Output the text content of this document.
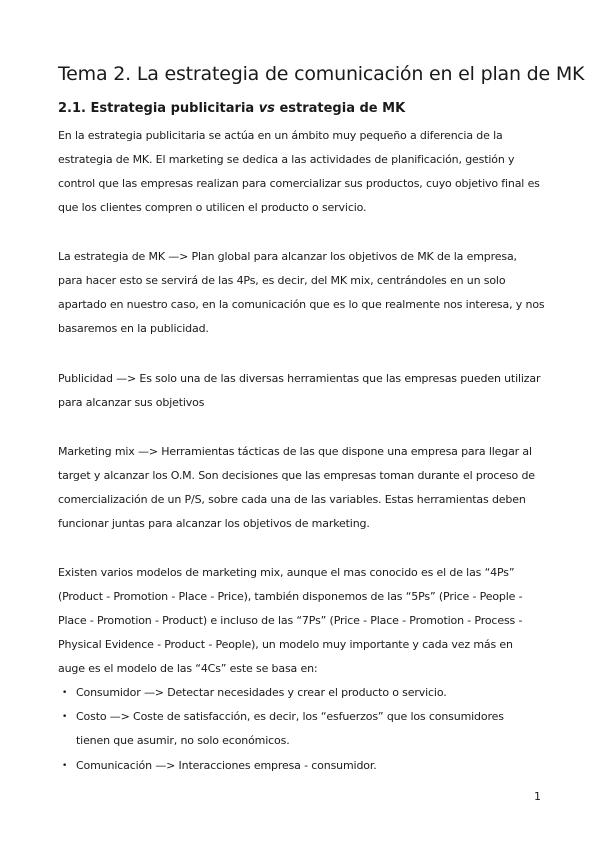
Tema 2. La estrategia de comunicación en el plan de MK
2.1. Estrategia publicitaria vs estrategia de MK
En la estrategia publicitaria se actúa en un ámbito muy pequeño a diferencia de la
estrategia de MK. El marketing se dedica a las actividades de planificación, gestión y
control que las empresas realizan para comercializar sus productos, cuyo objetivo final es
que los clientes compren o utilicen el producto o servicio.
La estrategia de MK —> Plan global para alcanzar los objetivos de MK de la empresa,
para hacer esto se servirá de las 4Ps, es decir, del MK mix, centrándoles en un solo
apartado en nuestro caso, en la comunicación que es lo que realmente nos interesa, y nos
basaremos en la publicidad.
Publicidad —> Es solo una de las diversas herramientas que las empresas pueden utilizar
para alcanzar sus objetivos
Marketing mix —> Herramientas tácticas de las que dispone una empresa para llegar al
target y alcanzar los O.M. Son decisiones que las empresas toman durante el proceso de
comercialización de un P/S, sobre cada una de las variables. Estas herramientas deben
funcionar juntas para alcanzar los objetivos de marketing.
Existen varios modelos de marketing mix, aunque el mas conocido es el de las “4Ps”
(Product - Promotion - Place - Price), también disponemos de las “5Ps” (Price - People -
Place - Promotion - Product) e incluso de las “7Ps” (Price - Place - Promotion - Process -
Physical Evidence - Product - People), un modelo muy importante y cada vez más en
auge es el modelo de las “4Cs” este se basa en:
• Consumidor —> Detectar necesidades y crear el producto o servicio.
• Costo —> Coste de satisfacción, es decir, los “esfuerzos” que los consumidores
tienen que asumir, no solo económicos.
• Comunicación —> Interacciones empresa - consumidor.
1
